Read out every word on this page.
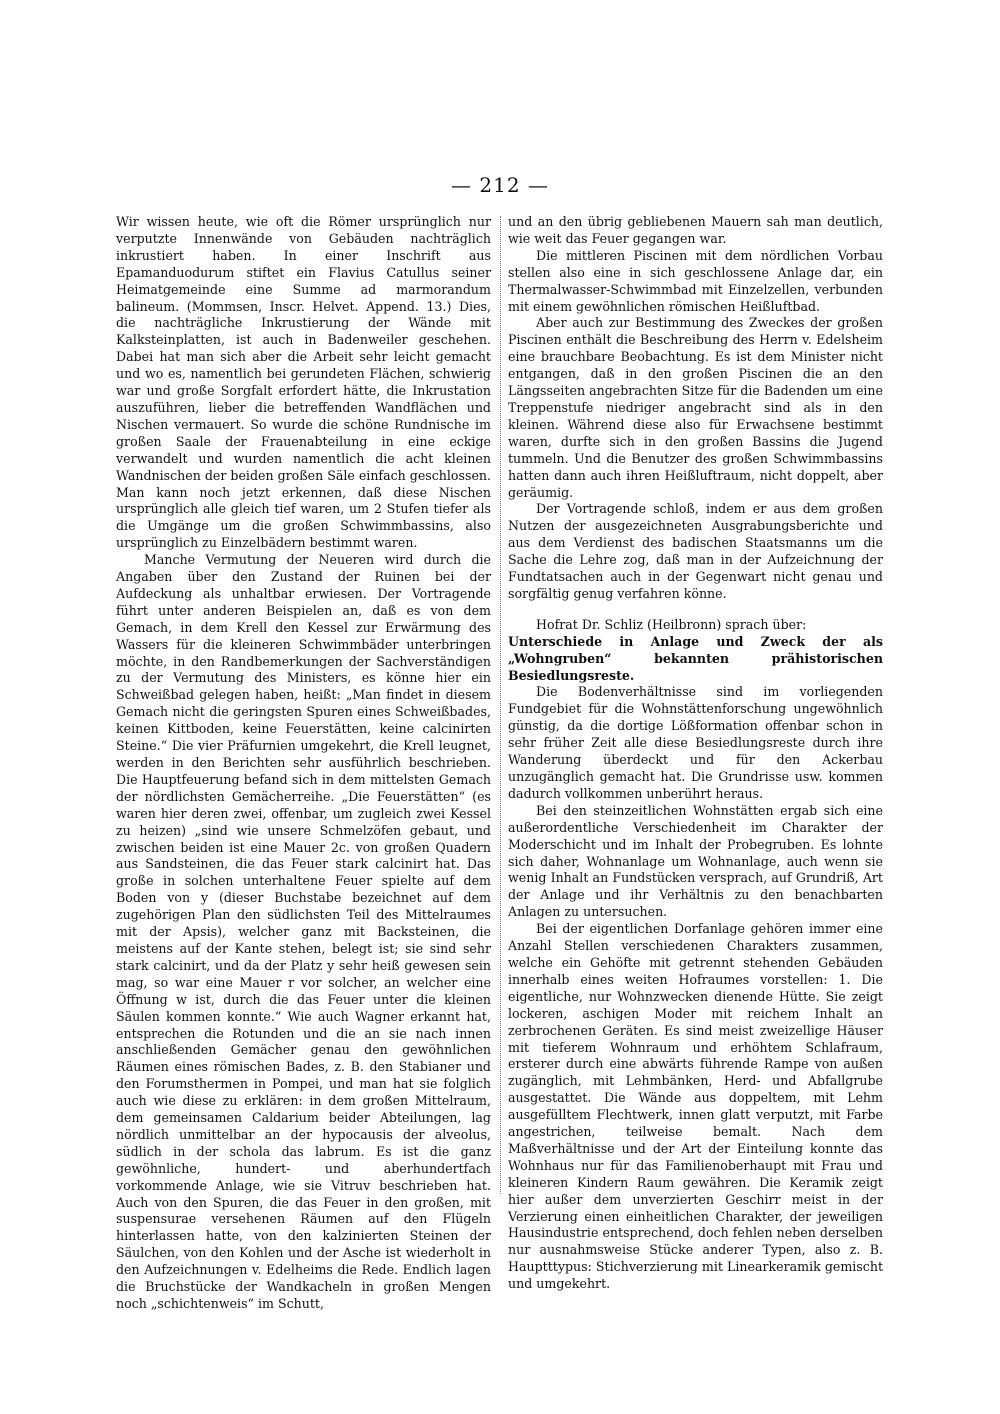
— 212 —

Wir wissen heute, wie oft die Römer ursprünglich nur verputzte Innenwände von Gebäuden nachträglich inkrustiert haben. In einer Inschrift aus Epamanduodurum stiftet ein Flavius Catullus seiner Heimatgemeinde eine Summe ad marmorandum balineum. (Mommsen, Inscr. Helvet. Append. 13.) Dies, die nachträgliche Inkrustierung der Wände mit Kalksteinplatten, ist auch in Badenweiler geschehen. Dabei hat man sich aber die Arbeit sehr leicht gemacht und wo es, namentlich bei gerundeten Flächen, schwierig war und große Sorgfalt erfordert hätte, die Inkrustation auszuführen, lieber die betreffenden Wandflächen und Nischen vermauert. So wurde die schöne Rundnische im großen Saale der Frauenabteilung in eine eckige verwandelt und wurden namentlich die acht kleinen Wandnischen der beiden großen Säle einfach geschlossen. Man kann noch jetzt erkennen, daß diese Nischen ursprünglich alle gleich tief waren, um 2 Stufen tiefer als die Umgänge um die großen Schwimmbassins, also ursprünglich zu Einzelbädern bestimmt waren.

Manche Vermutung der Neueren wird durch die Angaben über den Zustand der Ruinen bei der Aufdeckung als unhaltbar erwiesen. Der Vortragende führt unter anderen Beispielen an, daß es von dem Gemach, in dem Krell den Kessel zur Erwärmung des Wassers für die kleineren Schwimmbäder unterbringen möchte, in den Randbemerkungen der Sachverständigen zu der Vermutung des Ministers, es könne hier ein Schweißbad gelegen haben, heißt: „Man findet in diesem Gemach nicht die geringsten Spuren eines Schweißbades, keinen Kittboden, keine Feuerstätten, keine calcinirten Steine.“ Die vier Präfurnien umgekehrt, die Krell leugnet, werden in den Berichten sehr ausführlich beschrieben. Die Hauptfeuerung befand sich in dem mittelsten Gemach der nördlichsten Gemächerreihe. „Die Feuerstätten“ (es waren hier deren zwei, offenbar, um zugleich zwei Kessel zu heizen) „sind wie unsere Schmelzöfen gebaut, und zwischen beiden ist eine Mauer 2c. von großen Quadern aus Sandsteinen, die das Feuer stark calcinirt hat. Das große in solchen unterhaltene Feuer spielte auf dem Boden von y (dieser Buchstabe bezeichnet auf dem zugehörigen Plan den südlichsten Teil des Mittelraumes mit der Apsis), welcher ganz mit Backsteinen, die meistens auf der Kante stehen, belegt ist; sie sind sehr stark calcinirt, und da der Platz y sehr heiß gewesen sein mag, so war eine Mauer r vor solcher, an welcher eine Öffnung w ist, durch die das Feuer unter die kleinen Säulen kommen konnte.“ Wie auch Wagner erkannt hat, entsprechen die Rotunden und die an sie nach innen anschließenden Gemächer genau den gewöhnlichen Räumen eines römischen Bades, z. B. den Stabianer und den Forumsthermen in Pompei, und man hat sie folglich auch wie diese zu erklären: in dem großen Mittelraum, dem gemeinsamen Caldarium beider Abteilungen, lag nördlich unmittelbar an der hypocausis der alveolus, südlich in der schola das labrum. Es ist die ganz gewöhnliche, hundert- und aberhundertfach vorkommende Anlage, wie sie Vitruv beschrieben hat. Auch von den Spuren, die das Feuer in den großen, mit suspensurae versehenen Räumen auf den Flügeln hinterlassen hatte, von den kalzinierten Steinen der Säulchen, von den Kohlen und der Asche ist wiederholt in den Aufzeichnungen v. Edelheims die Rede. Endlich lagen die Bruchstücke der Wandkacheln in großen Mengen noch „schichtenweis“ im Schutt,

und an den übrig gebliebenen Mauern sah man deutlich, wie weit das Feuer gegangen war.

Die mittleren Piscinen mit dem nördlichen Vorbau stellen also eine in sich geschlossene Anlage dar, ein Thermalwasser-Schwimmbad mit Einzelzellen, verbunden mit einem gewöhnlichen römischen Heißluftbad.

Aber auch zur Bestimmung des Zweckes der großen Piscinen enthält die Beschreibung des Herrn v. Edelsheim eine brauchbare Beobachtung. Es ist dem Minister nicht entgangen, daß in den großen Piscinen die an den Längsseiten angebrachten Sitze für die Badenden um eine Treppenstufe niedriger angebracht sind als in den kleinen. Während diese also für Erwachsene bestimmt waren, durfte sich in den großen Bassins die Jugend tummeln. Und die Benutzer des großen Schwimmbassins hatten dann auch ihren Heißluftraum, nicht doppelt, aber geräumig.

Der Vortragende schloß, indem er aus dem großen Nutzen der ausgezeichneten Ausgrabungsberichte und aus dem Verdienst des badischen Staatsmanns um die Sache die Lehre zog, daß man in der Aufzeichnung der Fundtatsachen auch in der Gegenwart nicht genau und sorgfältig genug verfahren könne.

Hofrat Dr. Schliz (Heilbronn) sprach über:

Unterschiede in Anlage und Zweck der als „Wohngruben“ bekannten prähistorischen Besiedlungsreste.

Die Bodenverhältnisse sind im vorliegenden Fundgebiet für die Wohnstättenforschung ungewöhnlich günstig, da die dortige Lößformation offenbar schon in sehr früher Zeit alle diese Besiedlungsreste durch ihre Wanderung überdeckt und für den Ackerbau unzugänglich gemacht hat. Die Grundrisse usw. kommen dadurch vollkommen unberührt heraus.

Bei den steinzeitlichen Wohnstätten ergab sich eine außerordentliche Verschiedenheit im Charakter der Moderschicht und im Inhalt der Probegruben. Es lohnte sich daher, Wohnanlage um Wohnanlage, auch wenn sie wenig Inhalt an Fundstücken versprach, auf Grundriß, Art der Anlage und ihr Verhältnis zu den benachbarten Anlagen zu untersuchen.

Bei der eigentlichen Dorfanlage gehören immer eine Anzahl Stellen verschiedenen Charakters zusammen, welche ein Gehöfte mit getrennt stehenden Gebäuden innerhalb eines weiten Hofraumes vorstellen: 1. Die eigentliche, nur Wohnzwecken dienende Hütte. Sie zeigt lockeren, aschigen Moder mit reichem Inhalt an zerbrochenen Geräten. Es sind meist zweizellige Häuser mit tieferem Wohnraum und erhöhtem Schlafraum, ersterer durch eine abwärts führende Rampe von außen zugänglich, mit Lehmbänken, Herd- und Abfallgrube ausgestattet. Die Wände aus doppeltem, mit Lehm ausgefülltem Flechtwerk, innen glatt verputzt, mit Farbe angestrichen, teilweise bemalt. Nach dem Maßverhältnisse und der Art der Einteilung konnte das Wohnhaus nur für das Familienoberhaupt mit Frau und kleineren Kindern Raum gewähren. Die Keramik zeigt hier außer dem unverzierten Geschirr meist in der Verzierung einen einheitlichen Charakter, der jeweiligen Hausindustrie entsprechend, doch fehlen neben derselben nur ausnahmsweise Stücke anderer Typen, also z. B. Hauptttypus: Stichverzierung mit Linearkeramik gemischt und umgekehrt.
